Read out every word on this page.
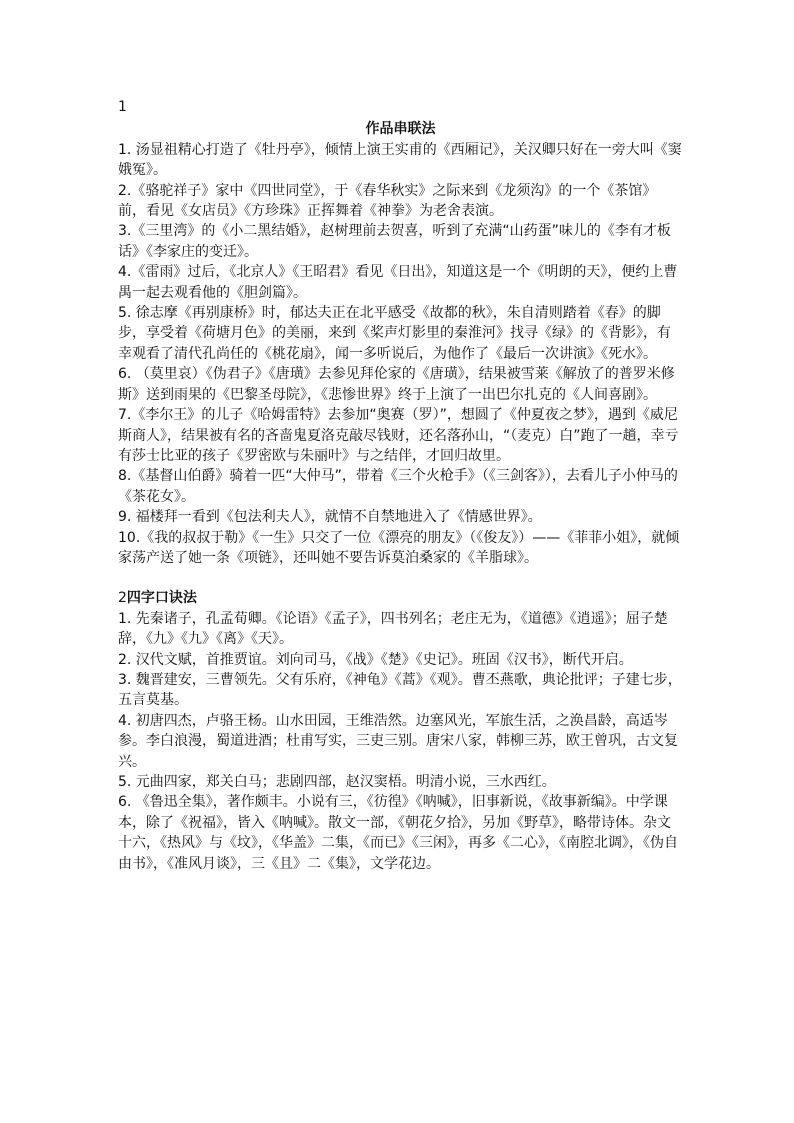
1

作品串联法

1. 汤显祖精心打造了《牡丹亭》，倾情上演王实甫的《西厢记》，关汉卿只好在一旁大叫《窦娥冤》。

2.《骆驼祥子》家中《四世同堂》，于《春华秋实》之际来到《龙须沟》的一个《茶馆》前，看见《女店员》《方珍珠》正挥舞着《神拳》为老舍表演。

3.《三里湾》的《小二黑结婚》，赵树理前去贺喜，听到了充满“山药蛋”味儿的《李有才板话》《李家庄的变迁》。

4.《雷雨》过后，《北京人》《王昭君》看见《日出》，知道这是一个《明朗的天》，便约上曹禺一起去观看他的《胆剑篇》。

5. 徐志摩《再别康桥》时，郁达夫正在北平感受《故都的秋》，朱自清则踏着《春》的脚步，享受着《荷塘月色》的美丽，来到《桨声灯影里的秦淮河》找寻《绿》的《背影》，有幸观看了清代孔尚任的《桃花扇》，闻一多听说后，为他作了《最后一次讲演》《死水》。

6. （莫里哀）《伪君子》《唐璜》去参见拜伦家的《唐璜》，结果被雪莱《解放了的普罗米修斯》送到雨果的《巴黎圣母院》，《悲惨世界》终于上演了一出巴尔扎克的《人间喜剧》。

7.《李尔王》的儿子《哈姆雷特》去参加“奥赛（罗）”，想圆了《仲夏夜之梦》，遇到《威尼斯商人》，结果被有名的吝啬鬼夏洛克敲尽钱财，还名落孙山，“（麦克）白”跑了一趟，幸亏有莎士比亚的孩子《罗密欧与朱丽叶》与之结伴，才回归故里。

8.《基督山伯爵》骑着一匹“大仲马”，带着《三个火枪手》（《三剑客》），去看儿子小仲马的《茶花女》。

9. 福楼拜一看到《包法利夫人》，就情不自禁地进入了《情感世界》。

10.《我的叔叔于勒》《一生》只交了一位《漂亮的朋友》（《俊友》）——《菲菲小姐》，就倾家荡产送了她一条《项链》，还叫她不要告诉莫泊桑家的《羊脂球》。

2四字口诀法

1. 先秦诸子，孔孟荀卿。《论语》《孟子》，四书列名；老庄无为，《道德》《逍遥》；屈子楚辞，《九》《九》《离》《天》。

2. 汉代文赋，首推贾谊。刘向司马，《战》《楚》《史记》。班固《汉书》，断代开启。

3. 魏晋建安，三曹领先。父有乐府，《神龟》《蒿》《观》。曹丕燕歌，典论批评；子建七步，五言莫基。

4. 初唐四杰，卢骆王杨。山水田园，王维浩然。边塞风光，军旅生活，之涣昌龄，高适岑参。李白浪漫，蜀道进酒；杜甫写实，三吏三别。唐宋八家，韩柳三苏，欧王曾巩，古文复兴。

5. 元曲四家，郑关白马；悲剧四部，赵汉窦梧。明清小说，三水西红。

6. 《鲁迅全集》，著作颇丰。小说有三，《彷徨》《呐喊》，旧事新说，《故事新编》。中学课本，除了《祝福》，皆入《呐喊》。散文一部，《朝花夕拾》，另加《野草》，略带诗体。杂文十六，《热风》与《坟》，《华盖》二集，《而已》《三闲》，再多《二心》，《南腔北调》，《伪自由书》，《准风月谈》，三《且》二《集》，文学花边。
